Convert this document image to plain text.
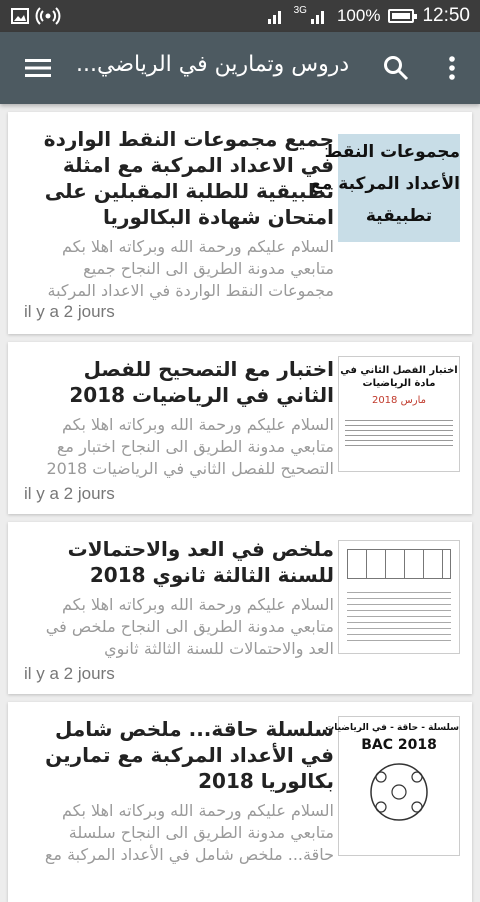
3G 100% 12:50
دروس وتمارين في الرياضي...
مجموعات النقط
الأعداد المركبة مع
تطبيقية
جميع مجموعات النقط الواردة في الاعداد المركبة مع امثلة تطبيقية للطلبة المقبلين على امتحان شهادة البكالوريا
السلام عليكم ورحمة الله وبركاته اهلا بكم متابعي مدونة الطريق الى النجاح جميع مجموعات النقط الواردة في الاعداد المركبة
il y a 2 jours
اختبار الفصل الثاني في
مادة الرياضيات
مارس 2018
اختبار مع التصحيح للفصل الثاني في الرياضيات 2018
السلام عليكم ورحمة الله وبركاته اهلا بكم متابعي مدونة الطريق الى النجاح اختبار مع التصحيح للفصل الثاني في الرياضيات 2018
il y a 2 jours
ملخص في العد والاحتمالات للسنة الثالثة ثانوي 2018
السلام عليكم ورحمة الله وبركاته اهلا بكم متابعي مدونة الطريق الى النجاح ملخص في العد والاحتمالات للسنة الثالثة ثانوي
il y a 2 jours
سلسلة - حاقة - في الرياضيات
BAC 2018
سلسلة حاقة... ملخص شامل في الأعداد المركبة مع تمارين بكالوريا 2018
السلام عليكم ورحمة الله وبركاته اهلا بكم متابعي مدونة الطريق الى النجاح سلسلة حاقة... ملخص شامل في الأعداد المركبة مع
